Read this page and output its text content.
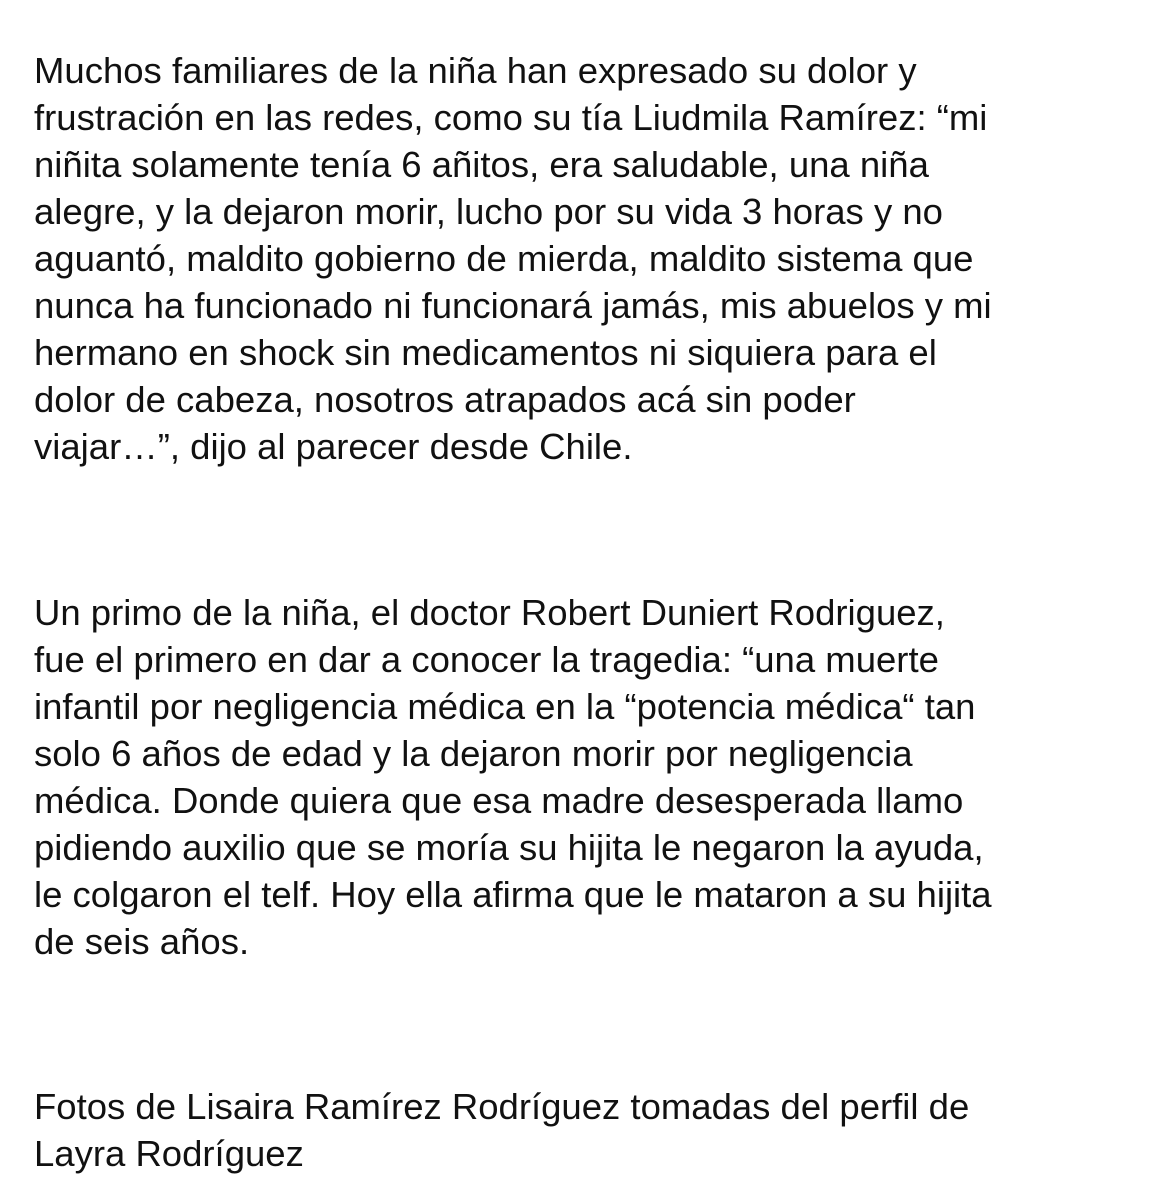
Muchos familiares de la niña han expresado su dolor y
frustración en las redes, como su tía Liudmila Ramírez: “mi
niñita solamente tenía 6 añitos, era saludable, una niña
alegre, y la dejaron morir, lucho por su vida 3 horas y no
aguantó, maldito gobierno de mierda, maldito sistema que
nunca ha funcionado ni funcionará jamás, mis abuelos y mi
hermano en shock sin medicamentos ni siquiera para el
dolor de cabeza, nosotros atrapados acá sin poder
viajar…”, dijo al parecer desde Chile.
Un primo de la niña, el doctor Robert Duniert Rodriguez,
fue el primero en dar a conocer la tragedia: “una muerte
infantil por negligencia médica en la “potencia médica“ tan
solo 6 años de edad y la dejaron morir por negligencia
médica. Donde quiera que esa madre desesperada llamo
pidiendo auxilio que se moría su hijita le negaron la ayuda,
le colgaron el telf. Hoy ella afirma que le mataron a su hijita
de seis años.
Fotos de Lisaira Ramírez Rodríguez tomadas del perfil de
Layra Rodríguez
